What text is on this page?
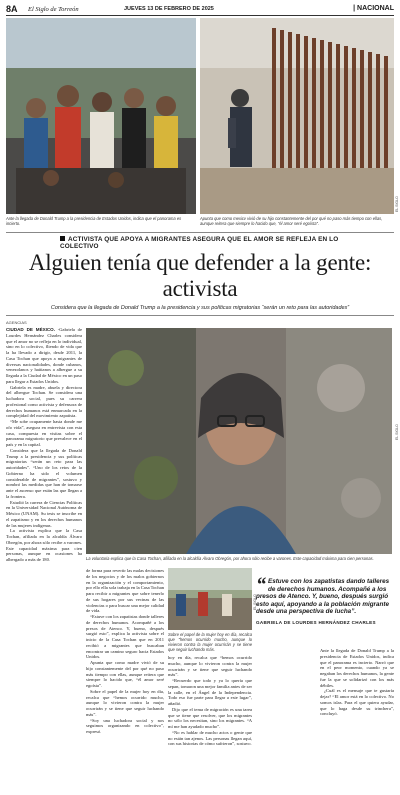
8A El Siglo de Torreón	JUEVES 13 DE FEBRERO DE 2025	| NACIONAL
Ante la llegada de Donald Trump a la presidencia de Estados Unidos, indica que el panorama es incierto.
Apunta que como mexicv vivió de su hijo constantemente del por qué no paso más tiempo con ellas, aunque reitera que siempre lo hacido que, “él amor seré egoísta”.
EL SIGLO
ACTIVISTA QUE APOYA A MIGRANTES ASEGURA QUE EL AMOR SE REFLEJA EN LO COLECTIVO
Alguien tenía que defender a la gente: activista
Considera que la llegada de Donald Trump a la presidencia y sus políticas migratorias “serán un reto para las autoridades”
AGENCIAS

CIUDAD DE MÉXICO. -Gabriela de Lourdes Hernández Charles considera que el amor no se refleja en lo individual, sino en lo colectivo, fliendo de vida que la ha llevado a dirigir, desde 2011, la Casa Tochan que apoya a migrantes de diversas nacionalidades, donde cubanos, venezolanos y haitianos a albergue a su llegada a la Ciudad de México en un paso para llegar a Estados Unidos.

Gabriela es madre, abuela y directora del albergue Tochan. Se considera una luchadora social, pues su carrera profesional como activista y defensora de derechos humanos está enmarcada en la complejidad del movimiento zapatista.

“Me sobe ocupamente hasta donde me ofo vida”, asegura en entrevista con esta casa, compuesta en visitas sobre el panorama migratorio que prevalece en el país y en la capital.

Considera que la llegada de Donald Trump a la presidencia y sus políticas migratorias “serán un reto para las autoridades”. “Uno de los retos de la Gobierno ha sido el volumen considerable de migrantes”, sostuvo y nombró las medidas que han de tomarse ante el ascenso que están las que llegan a la frontera.

Estudió la carrera de Ciencias Políticas en la Universidad Nacional Autónoma de México (UNAM). Su tesis se inscribe en el zapatismo y en los derechos humanos de las mujeres indígenas.

La activista explica que la Casa Tochan, afiliada en la alcaldía Álvaro Obregón, por ahora sólo recibe a varones. Este capacidad máxima para cien personas, aunque en ocasiones ha albergado a más de 180.	La voluntaria explica que la Casa Tochan, afiliada en la alcaldía Álvaro Obregón, por ahora sólo recibe a varones. Este capacidad máxima para cien personas.
EL SIGLO

de forma para revertir las malas decisiones de los negocios y de los malos gobiernos en la organización y el comportamiento, por ello ella sola trabaja en la Casa Tochan para recibir a migrantes que sobre tenerlo de sus hogares por sus vecinas de las violencias o para buscar una mejor calidad de vida.

“Estuve con los zapatistas donde talleres de derechos humanos. Acompañé a los presos de Atenco. Y, bueno, después surgió esto”, explica la activista sobre el inicio de la Casa Tochan que en 2011 recibió a migrantes que buscaban encontrar un camino seguro hacia Estados Unidos.

Apunta que como madre vivió de su hijo constantemente del por qué no paso más tiempo con ellas, aunque reitera que siempre lo hacido que, “él amor seré egoísta”.

Sobre el papel de la mujer hoy en día, recalca que “hemos ocurrido mucho, aunque lo vivieron contra la mujer ocurrirán y se tiene que seguir luchando más”.

“Soy una luchadora social y nos seguimos organizando en colectivo”, expresó.

Sobre el papel de la mujer hoy en día, recalca que “hemos ocurrido mucho, aunque lo vivieron contra la mujer ocurrirán y se tiene que seguir luchando más.

hoy en día, recalca que “hemos ocurrido mucho, aunque lo vivieron contra la mujer ocurrirán y se tiene que seguir luchando más”.

“Recuerdo que todo y ya lo quería que sepan, tomaron una mejor familia antes de ser la calle, en el Ángel de la Independencia. Todo eso fue parte para llegar a este lugar”, añadió.

Dijo que el tema de migración es una tarea que se tiene que resolver, que los migrantes no sólo los necesitan, sino los migrantes. “A mí me han ayudado mucho”.

“No es hablar de mucho actos o gente que no están tan ajenos. Las personas llegan aquí, con sus historias de cómo sufrieron”, sostuvo.

EL SIGLO
“ Estuve con los zapatistas dando talleres de derechos humanos. Acompañé a los presos de Atenco. Y, bueno, después surgió esto aquí, apoyando a la población migrante desde una perspectiva de lucha”.
GABRIELA DE LOURDES HERNÁNDEZ CHARLES

Ante la llegada de Donald Trump a la presidencia de Estados Unidos, indica que el panorama es incierto. Narró que en el peor momento, cuando ya se negaban los derechos humanos, la gente fue la que se solidarizó con los más débiles.

¿Cuál es el mensaje que te gustaría dejar? “El amor está en lo colectivo. No somos islas. Para el que quiera ayudar, que lo haga desde su trinchera”, concluyó.
